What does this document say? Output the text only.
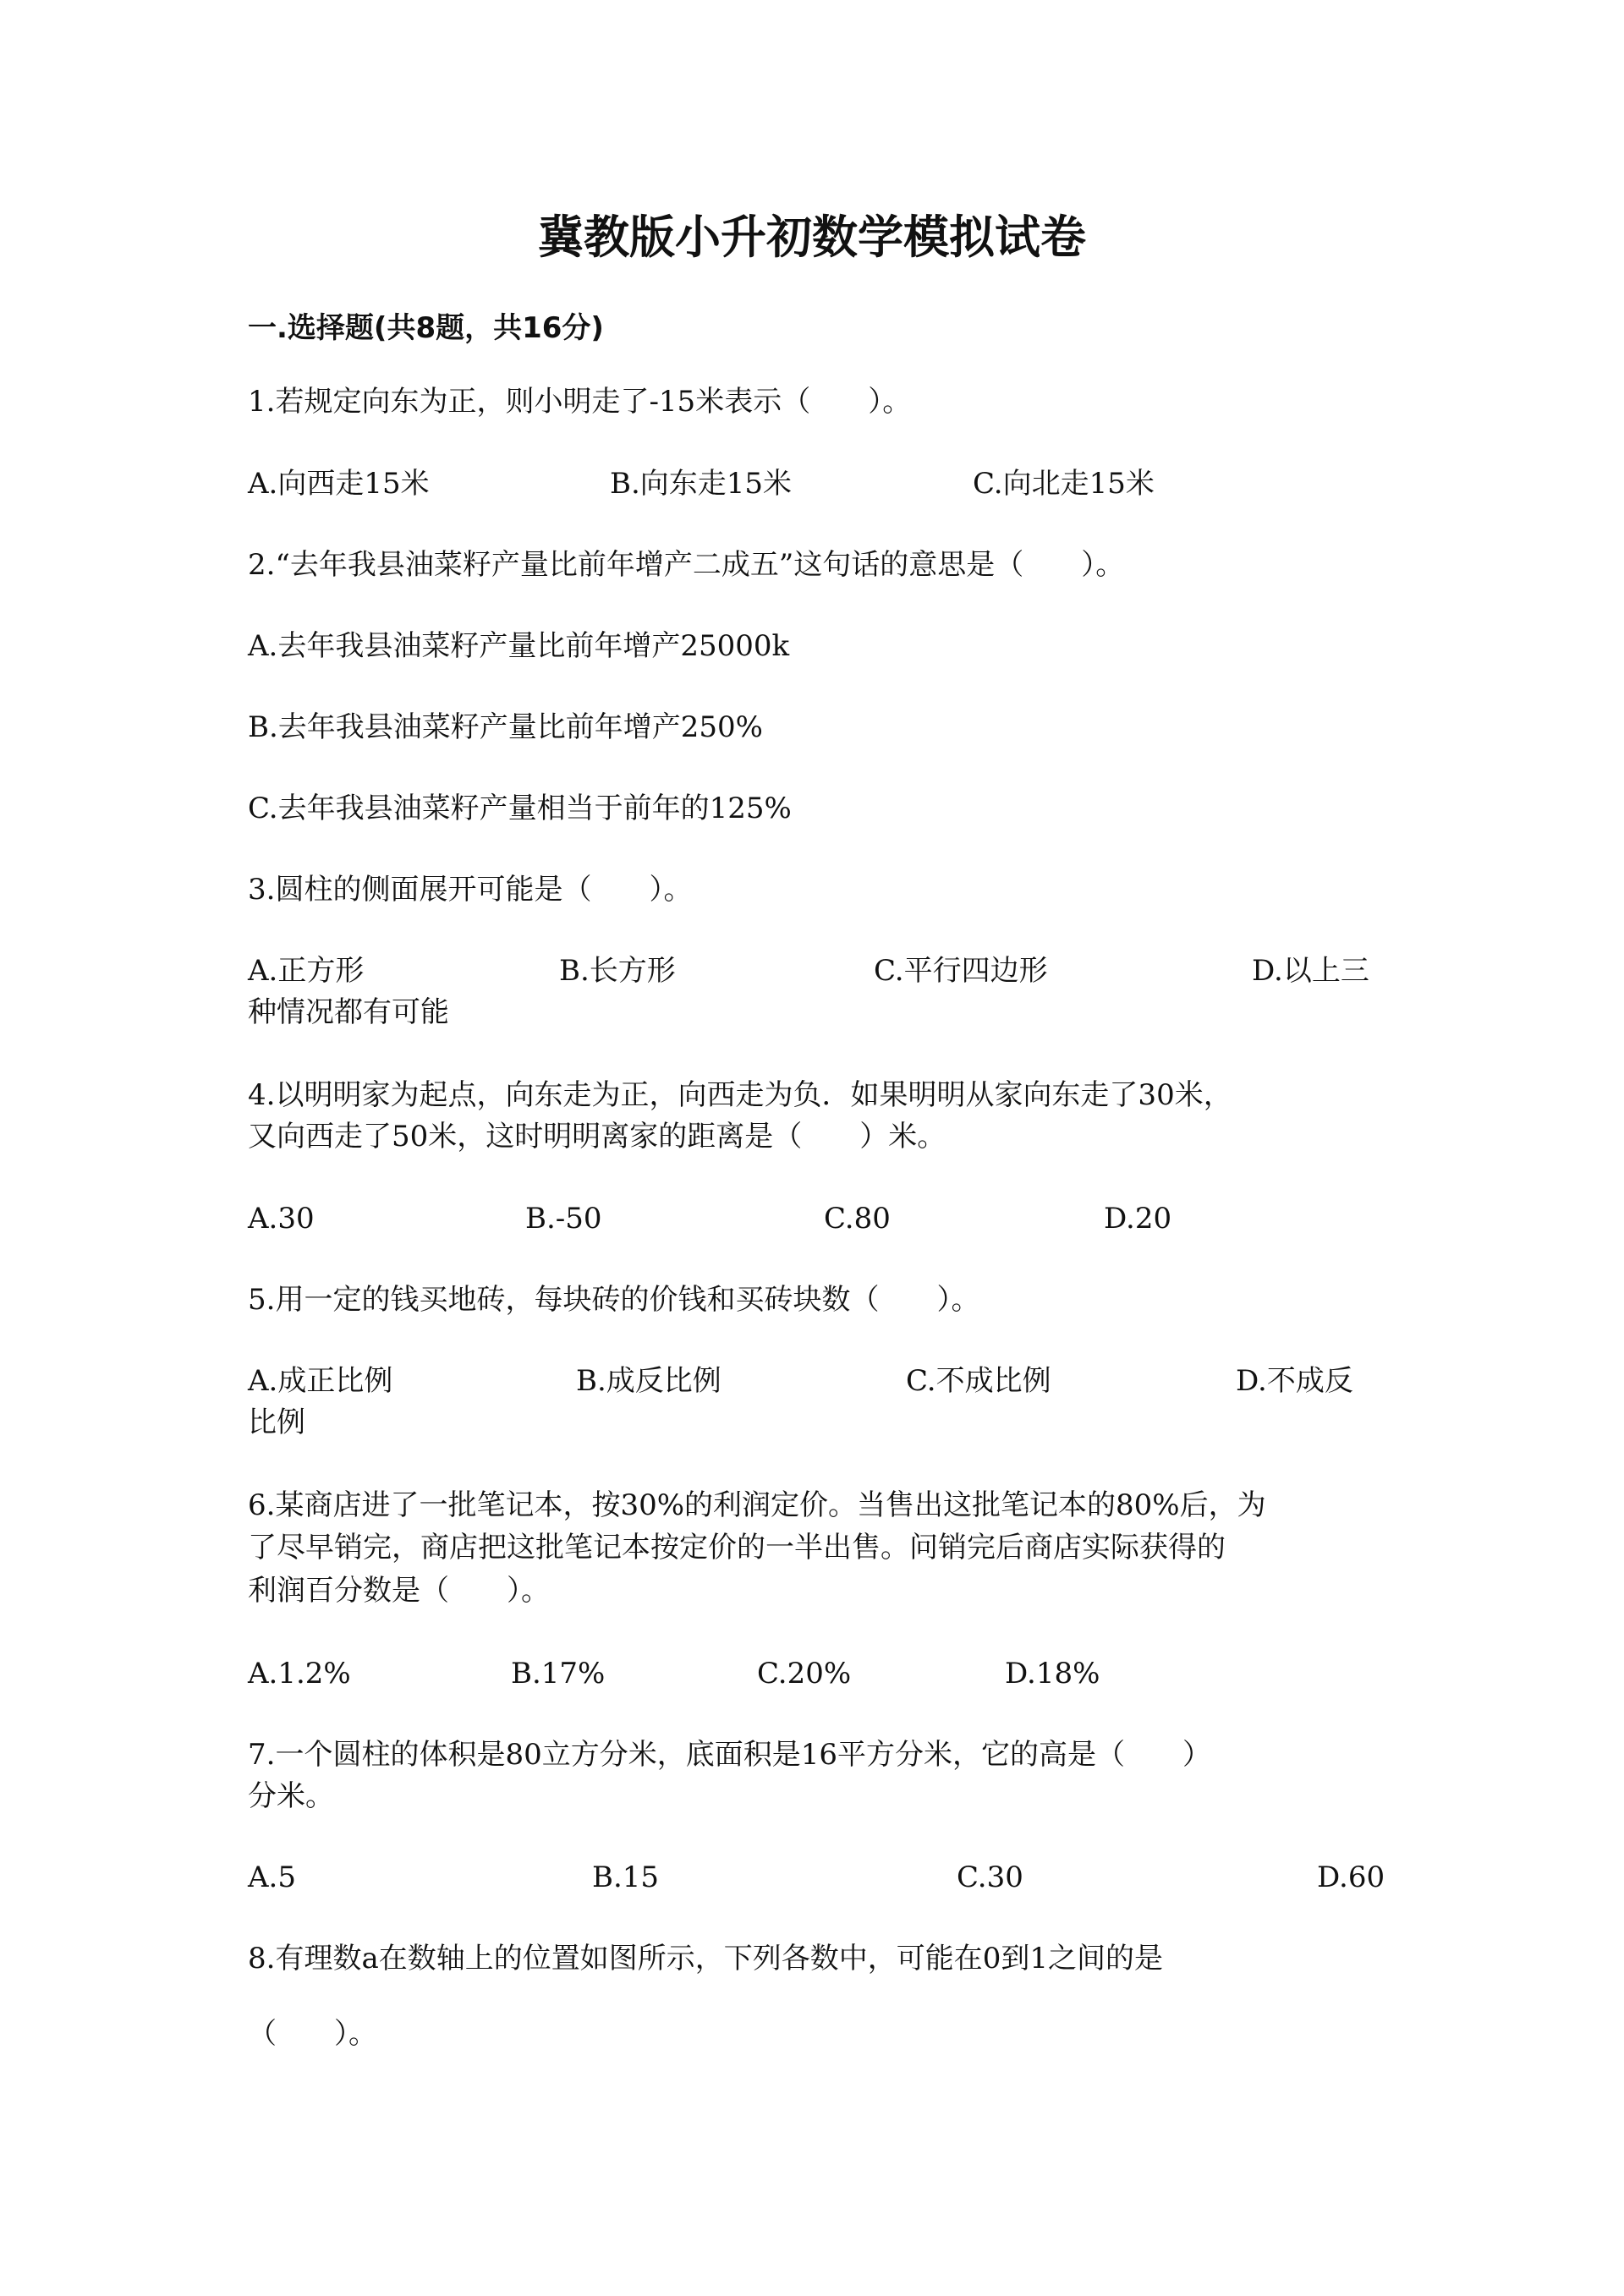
冀教版小升初数学模拟试卷
一.选择题(共8题，共16分)
1.若规定向东为正，则小明走了-15米表示（　　）。
A.向西走15米	B.向东走15米	C.向北走15米
2.“去年我县油菜籽产量比前年增产二成五”这句话的意思是（　　）。
A.去年我县油菜籽产量比前年增产25000k
B.去年我县油菜籽产量比前年增产250%
C.去年我县油菜籽产量相当于前年的125%
3.圆柱的侧面展开可能是（　　）。
A.正方形	B.长方形	C.平行四边形	D.以上三
种情况都有可能
4.以明明家为起点，向东走为正，向西走为负．如果明明从家向东走了30米，
又向西走了50米，这时明明离家的距离是（　　）米。
A.30	B.-50	C.80	D.20
5.用一定的钱买地砖，每块砖的价钱和买砖块数（　　）。
A.成正比例	B.成反比例	C.不成比例	D.不成反
比例
6.某商店进了一批笔记本，按30%的利润定价。当售出这批笔记本的80%后，为
了尽早销完，商店把这批笔记本按定价的一半出售。问销完后商店实际获得的
利润百分数是（　　）。
A.1.2%	B.17%	C.20%	D.18%
7.一个圆柱的体积是80立方分米，底面积是16平方分米，它的高是（　　）
分米。
A.5	B.15	C.30	D.60
8.有理数a在数轴上的位置如图所示，下列各数中，可能在0到1之间的是
（　　）。
